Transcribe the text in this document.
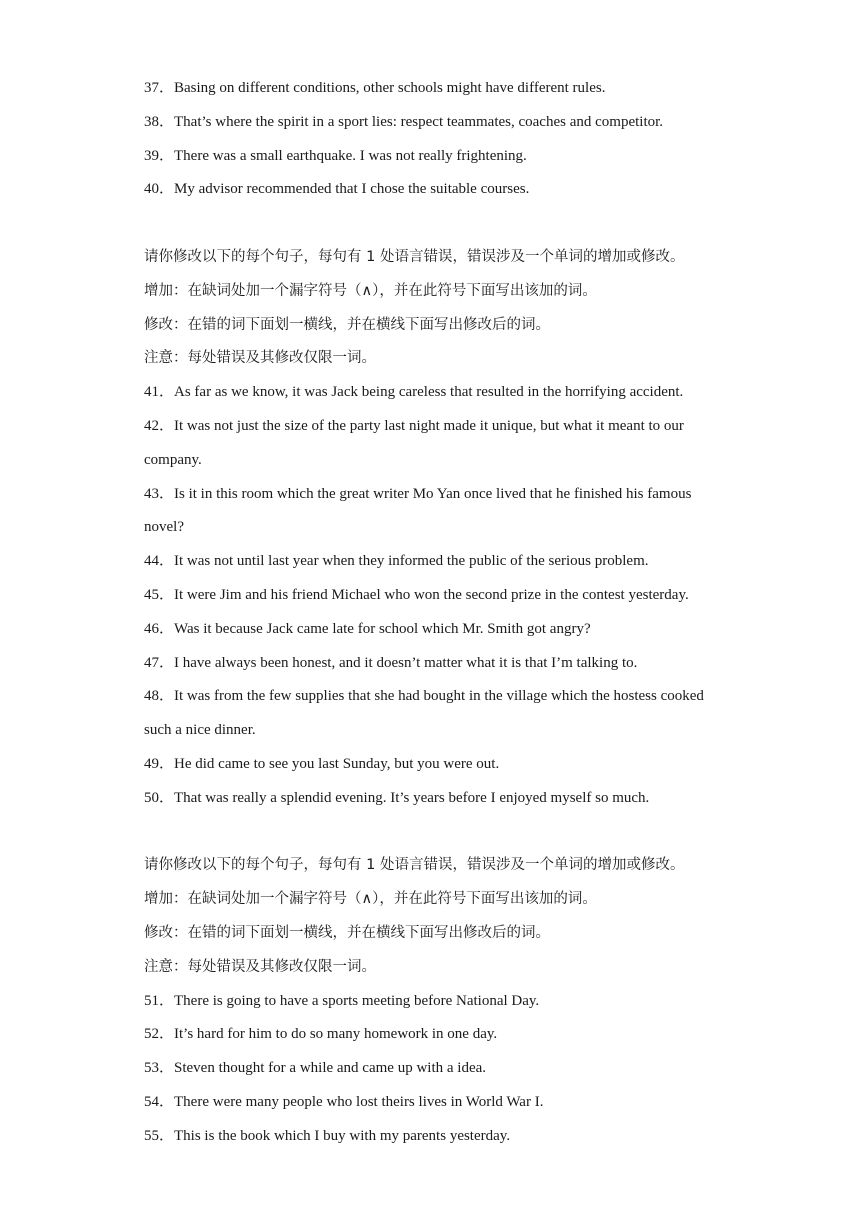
37．Basing on different conditions, other schools might have different rules.
38．That’s where the spirit in a sport lies: respect teammates, coaches and competitor.
39．There was a small earthquake. I was not really frightening.
40．My advisor recommended that I chose the suitable courses.
请你修改以下的每个句子，每句有 1 处语言错误，错误涉及一个单词的增加或修改。
增加：在缺词处加一个漏字符号（∧），并在此符号下面写出该加的词。
修改：在错的词下面划一横线，并在横线下面写出修改后的词。
注意：每处错误及其修改仅限一词。
41．As far as we know, it was Jack being careless that resulted in the horrifying accident.
42．It was not just the size of the party last night made it unique, but what it meant to our
company.
43．Is it in this room which the great writer Mo Yan once lived that he finished his famous
novel?
44．It was not until last year when they informed the public of the serious problem.
45．It were Jim and his friend Michael who won the second prize in the contest yesterday.
46．Was it because Jack came late for school which Mr. Smith got angry?
47．I have always been honest, and it doesn’t matter what it is that I’m talking to.
48．It was from the few supplies that she had bought in the village which the hostess cooked
such a nice dinner.
49．He did came to see you last Sunday, but you were out.
50．That was really a splendid evening. It’s years before I enjoyed myself so much.
请你修改以下的每个句子，每句有 1 处语言错误，错误涉及一个单词的增加或修改。
增加：在缺词处加一个漏字符号（∧），并在此符号下面写出该加的词。
修改：在错的词下面划一横线，并在横线下面写出修改后的词。
注意：每处错误及其修改仅限一词。
51．There is going to have a sports meeting before National Day.
52．It’s hard for him to do so many homework in one day.
53．Steven thought for a while and came up with a idea.
54．There were many people who lost theirs lives in World War I.
55．This is the book which I buy with my parents yesterday.
